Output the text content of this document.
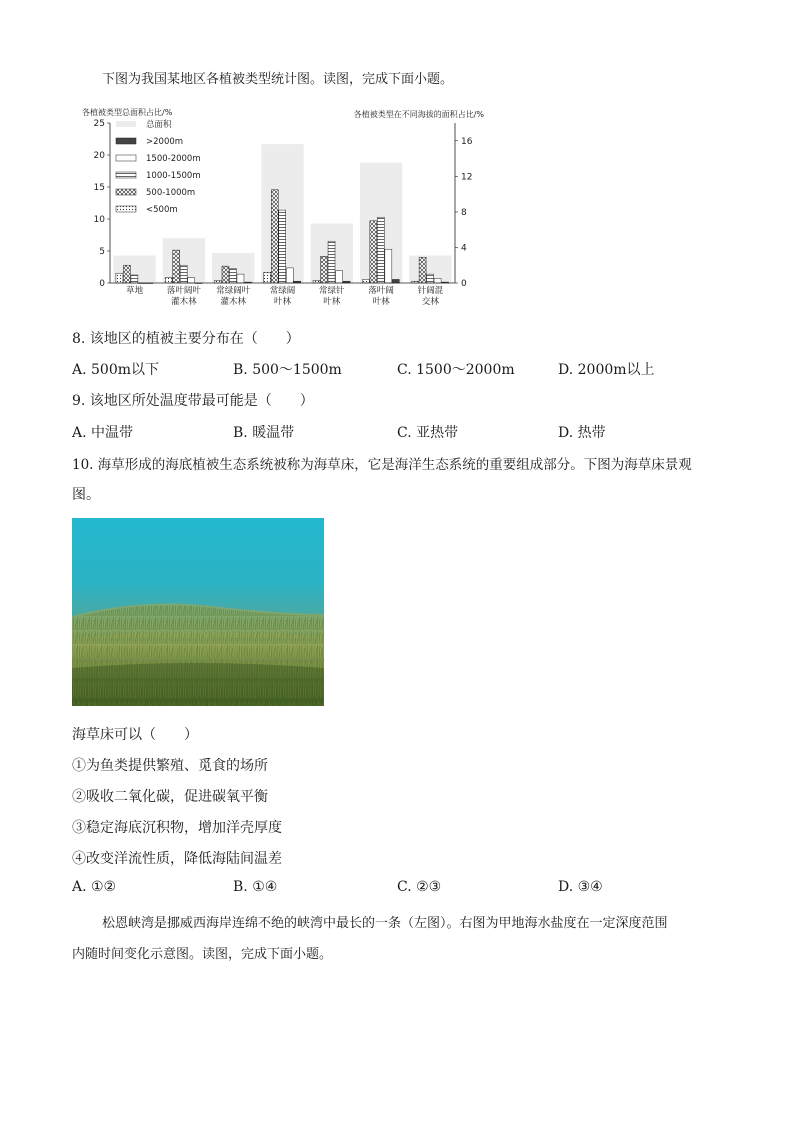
下图为我国某地区各植被类型统计图。读图，完成下面小题。
各植被类型总面积占比/%	各植被类型在不同海拔的面积占比/%
0
5
10
15
20
25
0
4
8
12
16
草地	落叶阔叶
灌木林
常绿阔叶
灌木林
常绿阔
叶林
常绿针
叶林
落叶阔
叶林
针阔混
交林
总面积
>2000m
1500-2000m
1000-1500m
500-1000m
<500m
8. 该地区的植被主要分布在（　　）
A. 500m以下	B. 500～1500m	C. 1500～2000m	D. 2000m以上
9. 该地区所处温度带最可能是（　　）
A. 中温带	B. 暖温带	C. 亚热带	D. 热带
10. 海草形成的海底植被生态系统被称为海草床，它是海洋生态系统的重要组成部分。下图为海草床景观
图。
海草床可以（　　）
①为鱼类提供繁殖、觅食的场所
②吸收二氧化碳，促进碳氧平衡
③稳定海底沉积物，增加洋壳厚度
④改变洋流性质，降低海陆间温差
A. ①②	B. ①④	C. ②③	D. ③④
松恩峡湾是挪威西海岸连绵不绝的峡湾中最长的一条（左图）。右图为甲地海水盐度在一定深度范围
内随时间变化示意图。读图，完成下面小题。
